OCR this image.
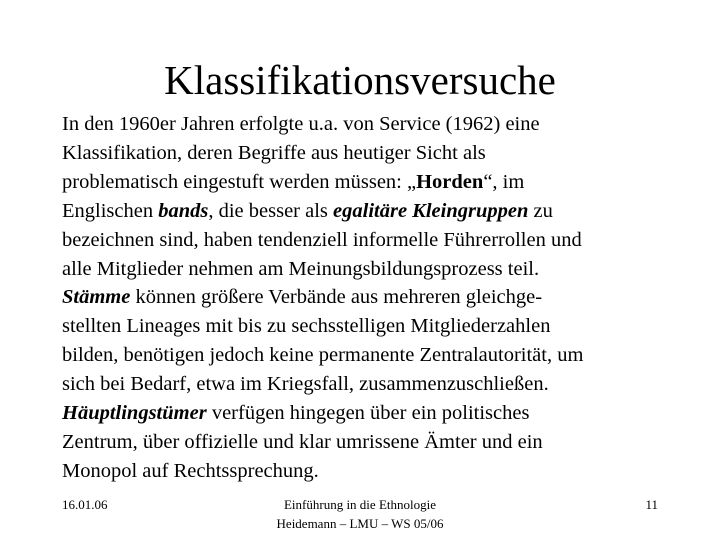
Klassifikationsversuche
In den 1960er Jahren erfolgte u.a. von Service (1962) eine
Klassifikation, deren Begriffe aus heutiger Sicht als
problematisch eingestuft werden müssen: „Horden“, im
Englischen bands, die besser als egalitäre Kleingruppen zu
bezeichnen sind, haben tendenziell informelle Führerrollen und
alle Mitglieder nehmen am Meinungsbildungsprozess teil.
Stämme können größere Verbände aus mehreren gleichge-
stellten Lineages mit bis zu sechsstelligen Mitgliederzahlen
bilden, benötigen jedoch keine permanente Zentralautorität, um
sich bei Bedarf, etwa im Kriegsfall, zusammenzuschließen.
Häuptlingstümer verfügen hingegen über ein politisches
Zentrum, über offizielle und klar umrissene Ämter und ein
Monopol auf Rechtssprechung.
16.01.06	Einführung in die Ethnologie
Heidemann – LMU – WS 05/06
11
